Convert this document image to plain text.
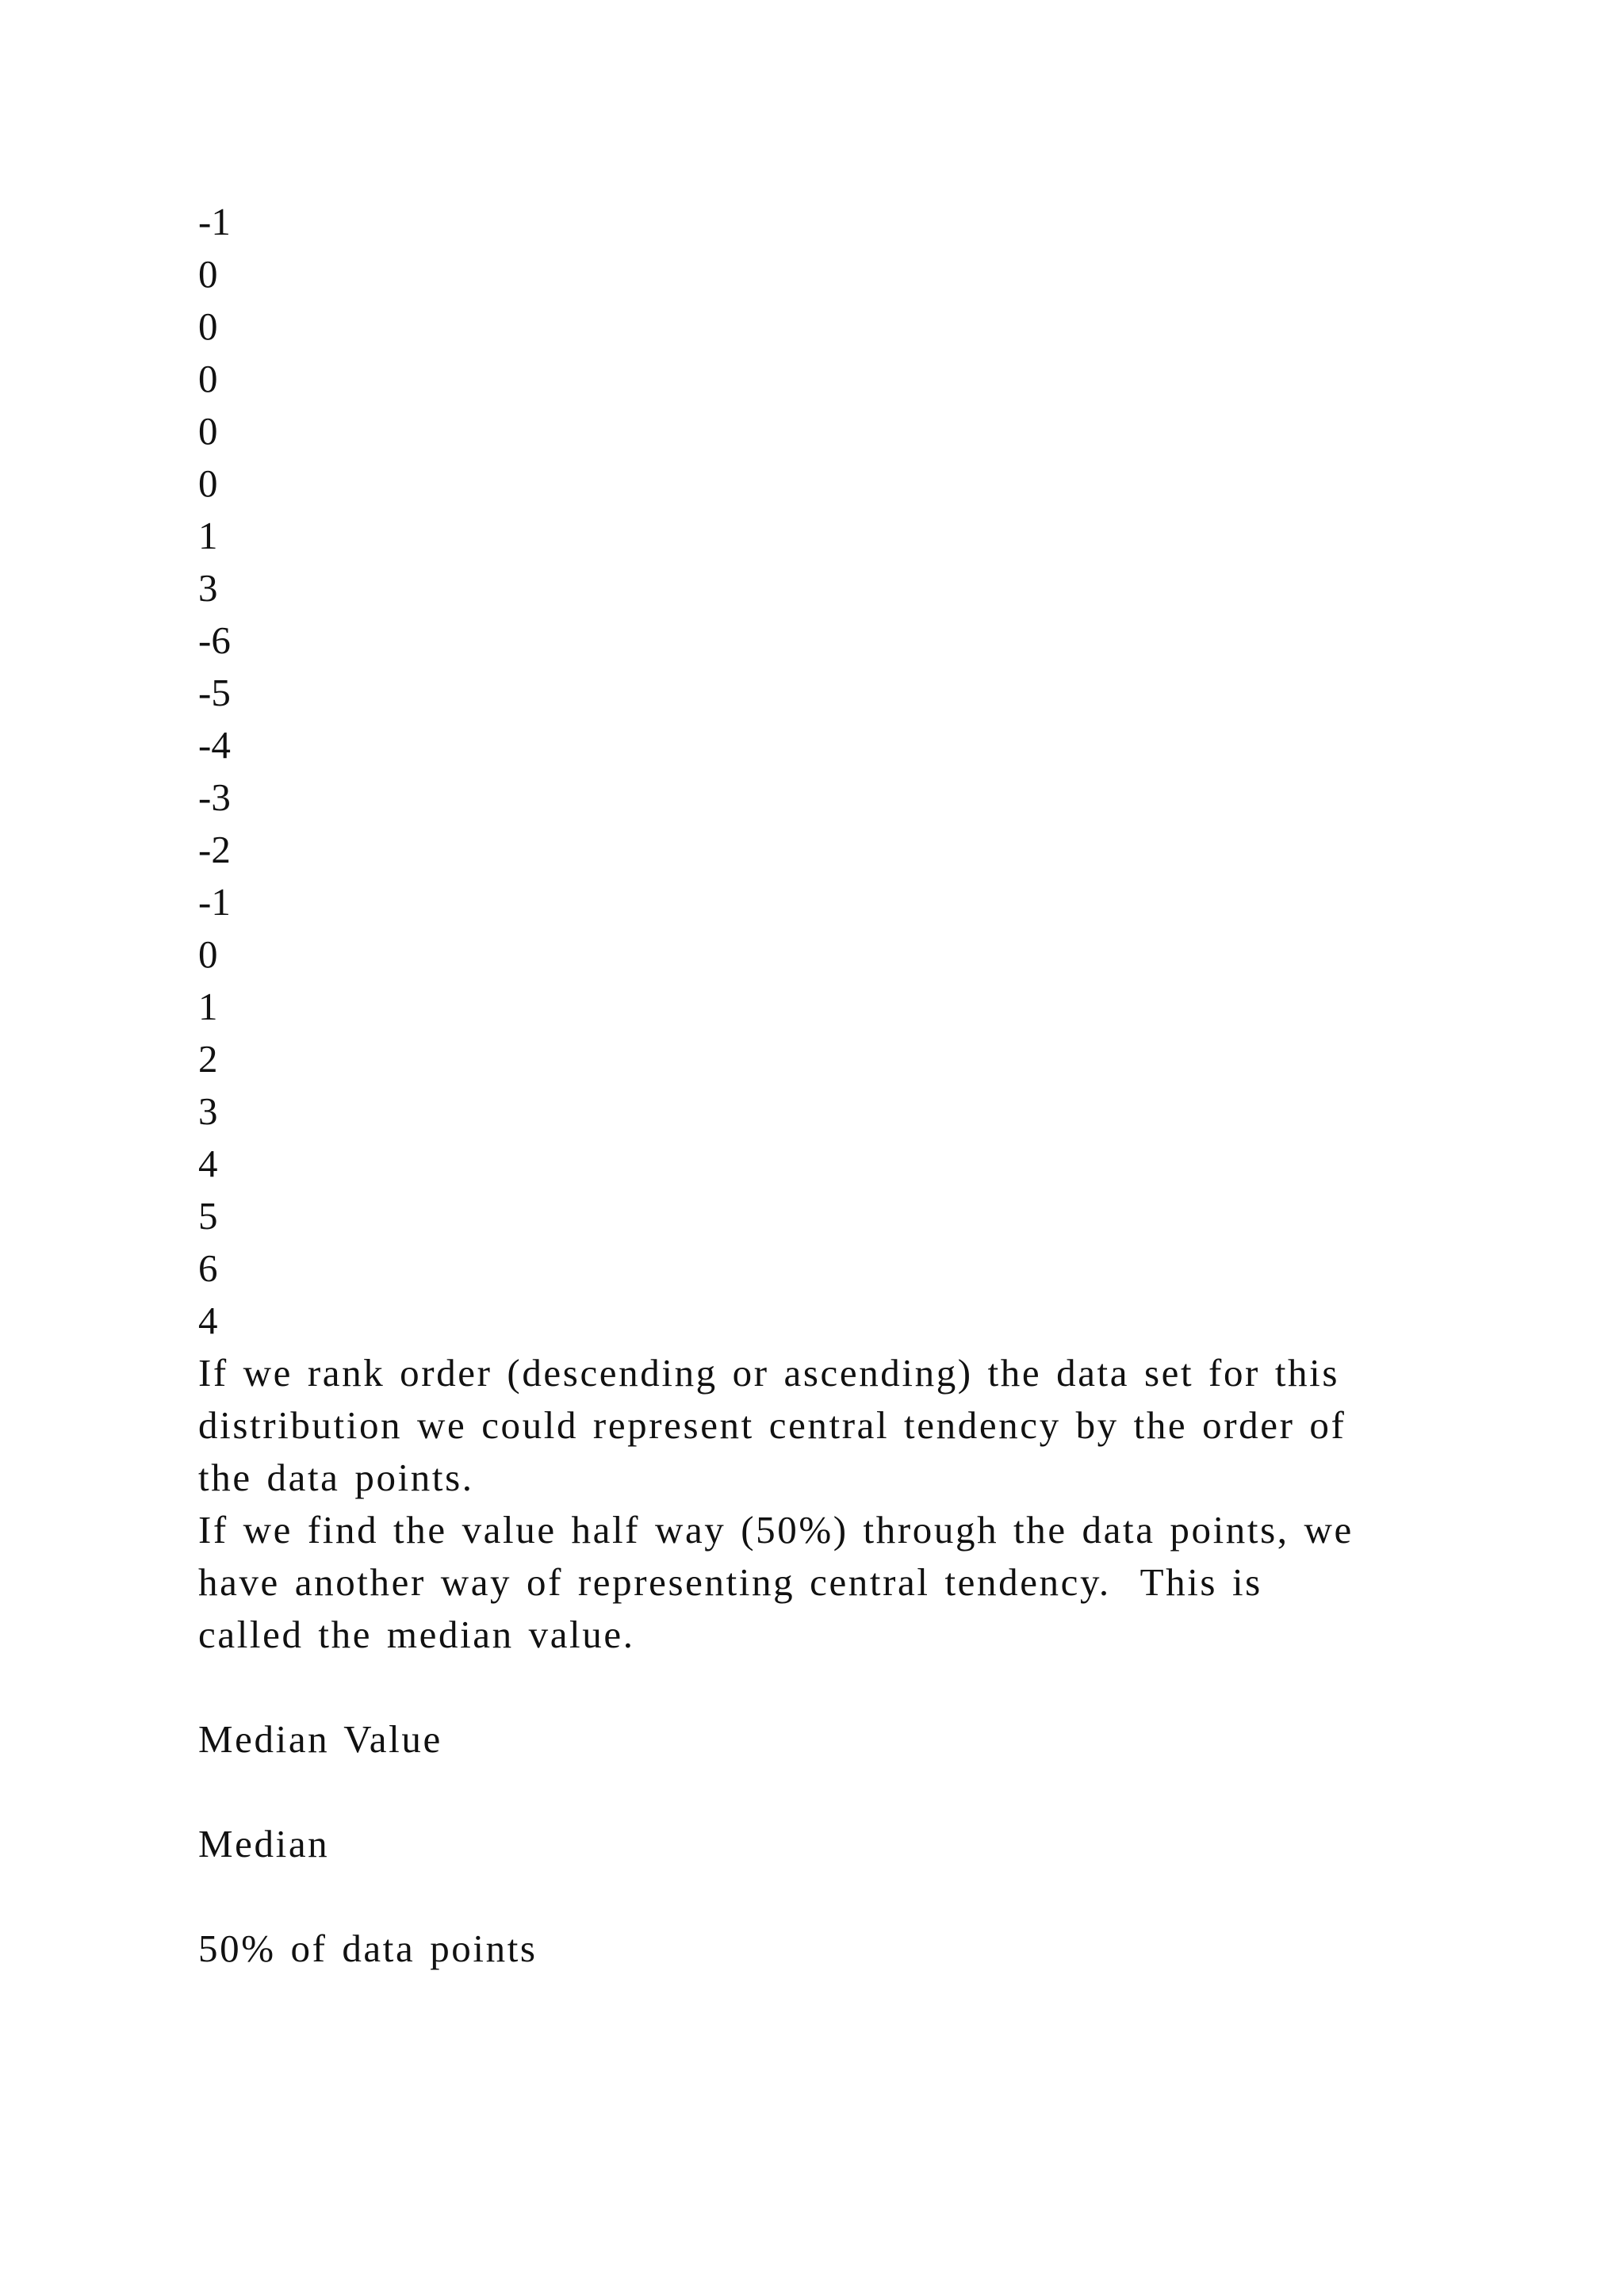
-1
0
0
0
0
0
1
3
-6
-5
-4
-3
-2
-1
0
1
2
3
4
5
6
4

If we rank order (descending or ascending) the data set for this

distribution we could represent central tendency by the order of

the data points.

If we find the value half way (50%) through the data points, we

have another way of representing central tendency.  This is

called the median value.

Median Value

Median

50% of data points
